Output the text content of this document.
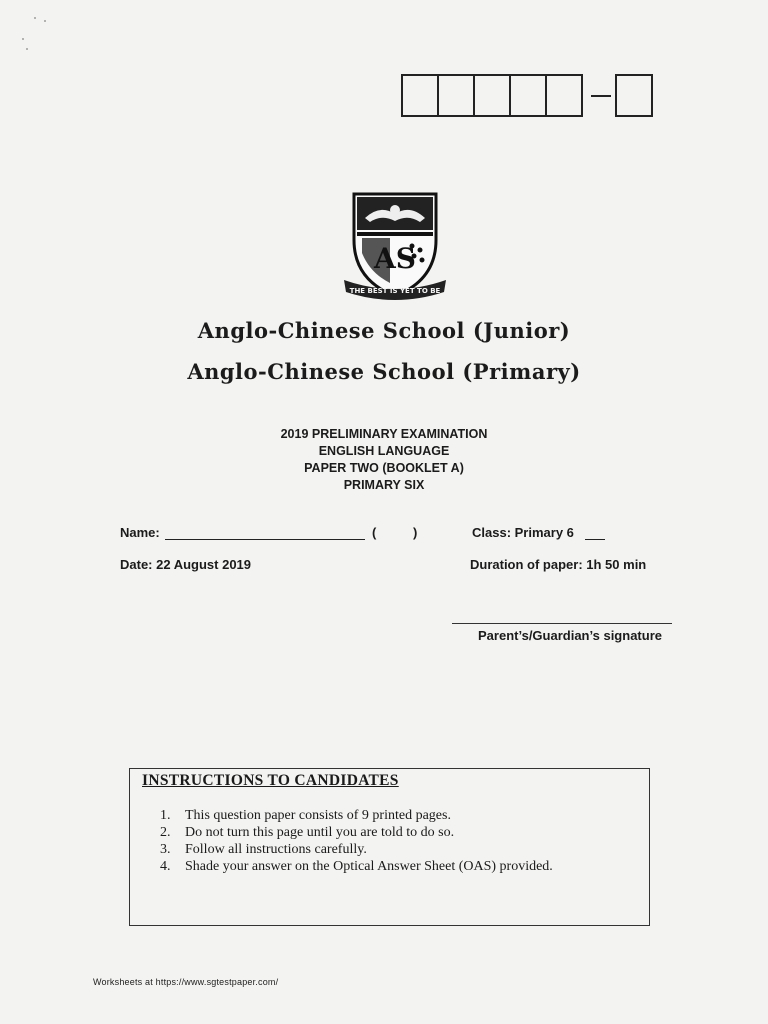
AS
THE BEST IS YET TO BE
Anglo-Chinese School (Junior)
Anglo-Chinese School (Primary)
2019 PRELIMINARY EXAMINATION
ENGLISH LANGUAGE
PAPER TWO (BOOKLET A)
PRIMARY SIX
Name:	(	)	Class: Primary 6
Date: 22 August 2019	Duration of paper: 1h 50 min
Parent’s/Guardian’s signature
INSTRUCTIONS TO CANDIDATES
1.	This question paper consists of 9 printed pages.
2.	Do not turn this page until you are told to do so.
3.	Follow all instructions carefully.
4.	Shade your answer on the Optical Answer Sheet (OAS) provided.
Worksheets at https://www.sgtestpaper.com/
